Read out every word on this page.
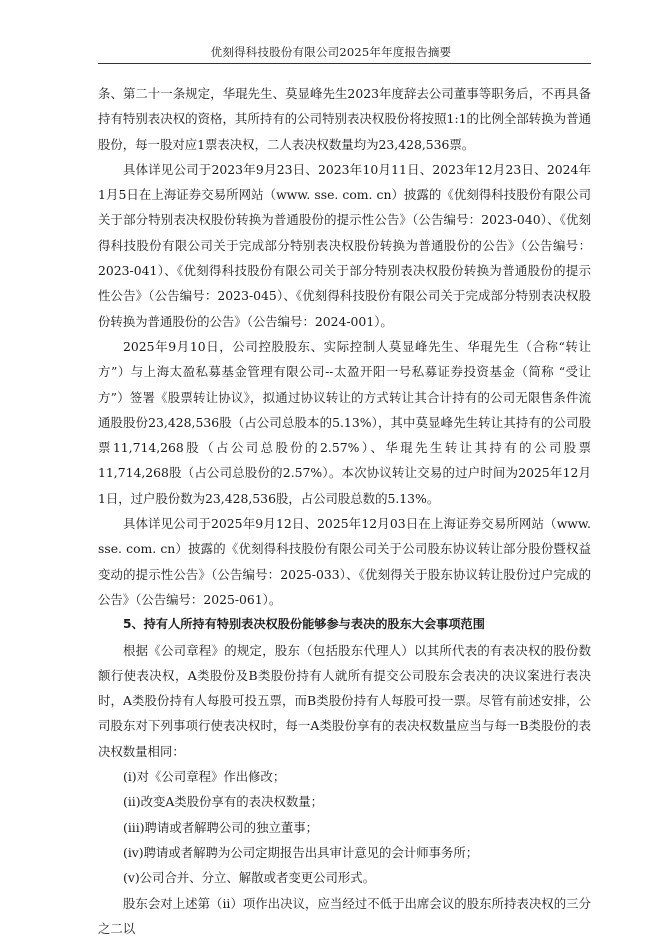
优刻得科技股份有限公司2025年年度报告摘要

条、第二十一条规定，华琨先生、莫显峰先生2023年度辞去公司董事等职务后，不再具备持有特别表决权的资格，其所持有的公司特别表决权股份将按照1:1的比例全部转换为普通股份，每一股对应1票表决权，二人表决权数量均为23,428,536票。

具体详见公司于2023年9月23日、2023年10月11日、2023年12月23日、2024年1月5日在上海证券交易所网站（www. sse. com. cn）披露的《优刻得科技股份有限公司关于部分特别表决权股份转换为普通股份的提示性公告》（公告编号：2023-040）、《优刻得科技股份有限公司关于完成部分特别表决权股份转换为普通股份的公告》（公告编号：2023-041）、《优刻得科技股份有限公司关于部分特别表决权股份转换为普通股份的提示性公告》（公告编号：2023-045）、《优刻得科技股份有限公司关于完成部分特别表决权股份转换为普通股份的公告》（公告编号：2024-001）。

2025年9月10日，公司控股股东、实际控制人莫显峰先生、华琨先生（合称“转让方”）与上海太盈私募基金管理有限公司--太盈开阳一号私募证券投资基金（简称 “受让方”）签署《股票转让协议》，拟通过协议转让的方式转让其合计持有的公司无限售条件流通股股份23,428,536股（占公司总股本的5.13%），其中莫显峰先生转让其持有的公司股票11,714,268股（占公司总股份的2.57%）、华琨先生转让其持有的公司股票11,714,268股（占公司总股份的2.57%）。本次协议转让交易的过户时间为2025年12月1日，过户股份数为23,428,536股，占公司股总数的5.13%。

具体详见公司于2025年9月12日、2025年12月03日在上海证券交易所网站（www. sse. com. cn）披露的《优刻得科技股份有限公司关于公司股东协议转让部分股份暨权益变动的提示性公告》（公告编号：2025-033）、《优刻得关于股东协议转让股份过户完成的公告》（公告编号：2025-061）。

5、持有人所持有特别表决权股份能够参与表决的股东大会事项范围

根据《公司章程》的规定，股东（包括股东代理人）以其所代表的有表决权的股份数额行使表决权，A类股份及B类股份持有人就所有提交公司股东会表决的决议案进行表决时，A类股份持有人每股可投五票，而B类股份持有人每股可投一票。尽管有前述安排，公司股东对下列事项行使表决权时，每一A类股份享有的表决权数量应当与每一B类股份的表决权数量相同：

(i)对《公司章程》作出修改；

(ii)改变A类股份享有的表决权数量；

(iii)聘请或者解聘公司的独立董事；

(iv)聘请或者解聘为公司定期报告出具审计意见的会计师事务所；

(v)公司合并、分立、解散或者变更公司形式。

股东会对上述第（ii）项作出决议，应当经过不低于出席会议的股东所持表决权的三分之二以
